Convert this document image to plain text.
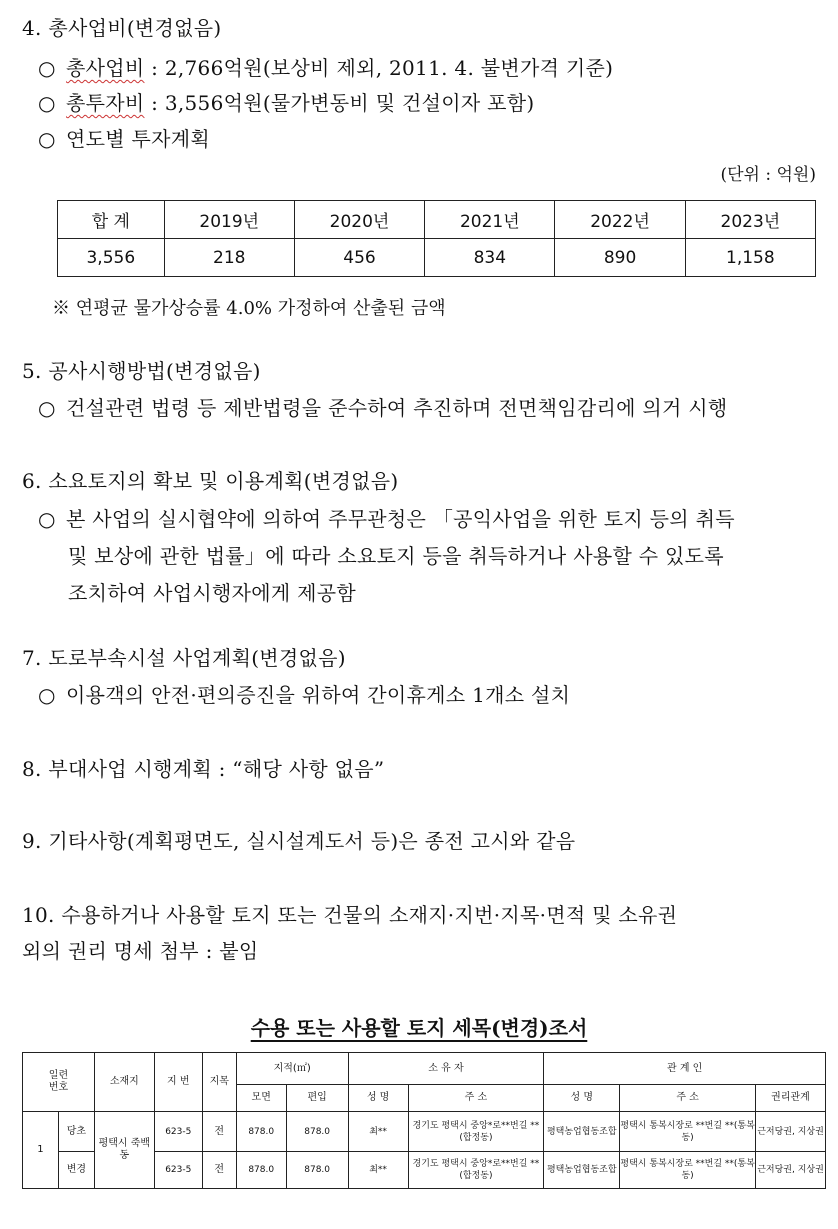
4. 총사업비(변경없음)
○ 총사업비 : 2,766억원(보상비 제외, 2011. 4. 불변가격 기준)
○ 총투자비 : 3,556억원(물가변동비 및 건설이자 포함)
○ 연도별 투자계획
(단위 : 억원)
합 계	2019년	2020년	2021년	2022년	2023년
3,556	218	456	834	890	1,158
※ 연평균 물가상승률 4.0% 가정하여 산출된 금액
5. 공사시행방법(변경없음)
○ 건설관련 법령 등 제반법령을 준수하여 추진하며 전면책임감리에 의거 시행
6. 소요토지의 확보 및 이용계획(변경없음)
○ 본 사업의 실시협약에 의하여 주무관청은 「공익사업을 위한 토지 등의 취득
및 보상에 관한 법률」에 따라 소요토지 등을 취득하거나 사용할 수 있도록
조치하여 사업시행자에게 제공함
7. 도로부속시설 사업계획(변경없음)
○ 이용객의 안전·편의증진을 위하여 간이휴게소 1개소 설치
8. 부대사업 시행계획 : “해당 사항 없음”
9. 기타사항(계획평면도, 실시설계도서 등)은 종전 고시와 같음
10. 수용하거나 사용할 토지 또는 건물의 소재지·지번·지목·면적 및 소유권
외의 권리 명세 첨부 : 붙임
수용 또는 사용할 토지 세목(변경)조서
일련
번호		소재지	지 번	지목	지적(㎡)		소 유 자		관 계 인		
					모면	편입	성 명	주 소	성 명	주 소	권리관계
1	당초	평택시 죽백동	623-5	전	878.0	878.0	최**	경기도 평택시 중앙*로**번길 ** (합정동)	평택농업협동조합	평택시 통복시장로 **번길 **(통복동)	근저당권, 지상권
	변경		623-5	전	878.0	878.0	최**	경기도 평택시 중앙*로**번길 ** (합정동)	평택농업협동조합	평택시 통복시장로 **번길 **(통복동)	근저당권, 지상권
